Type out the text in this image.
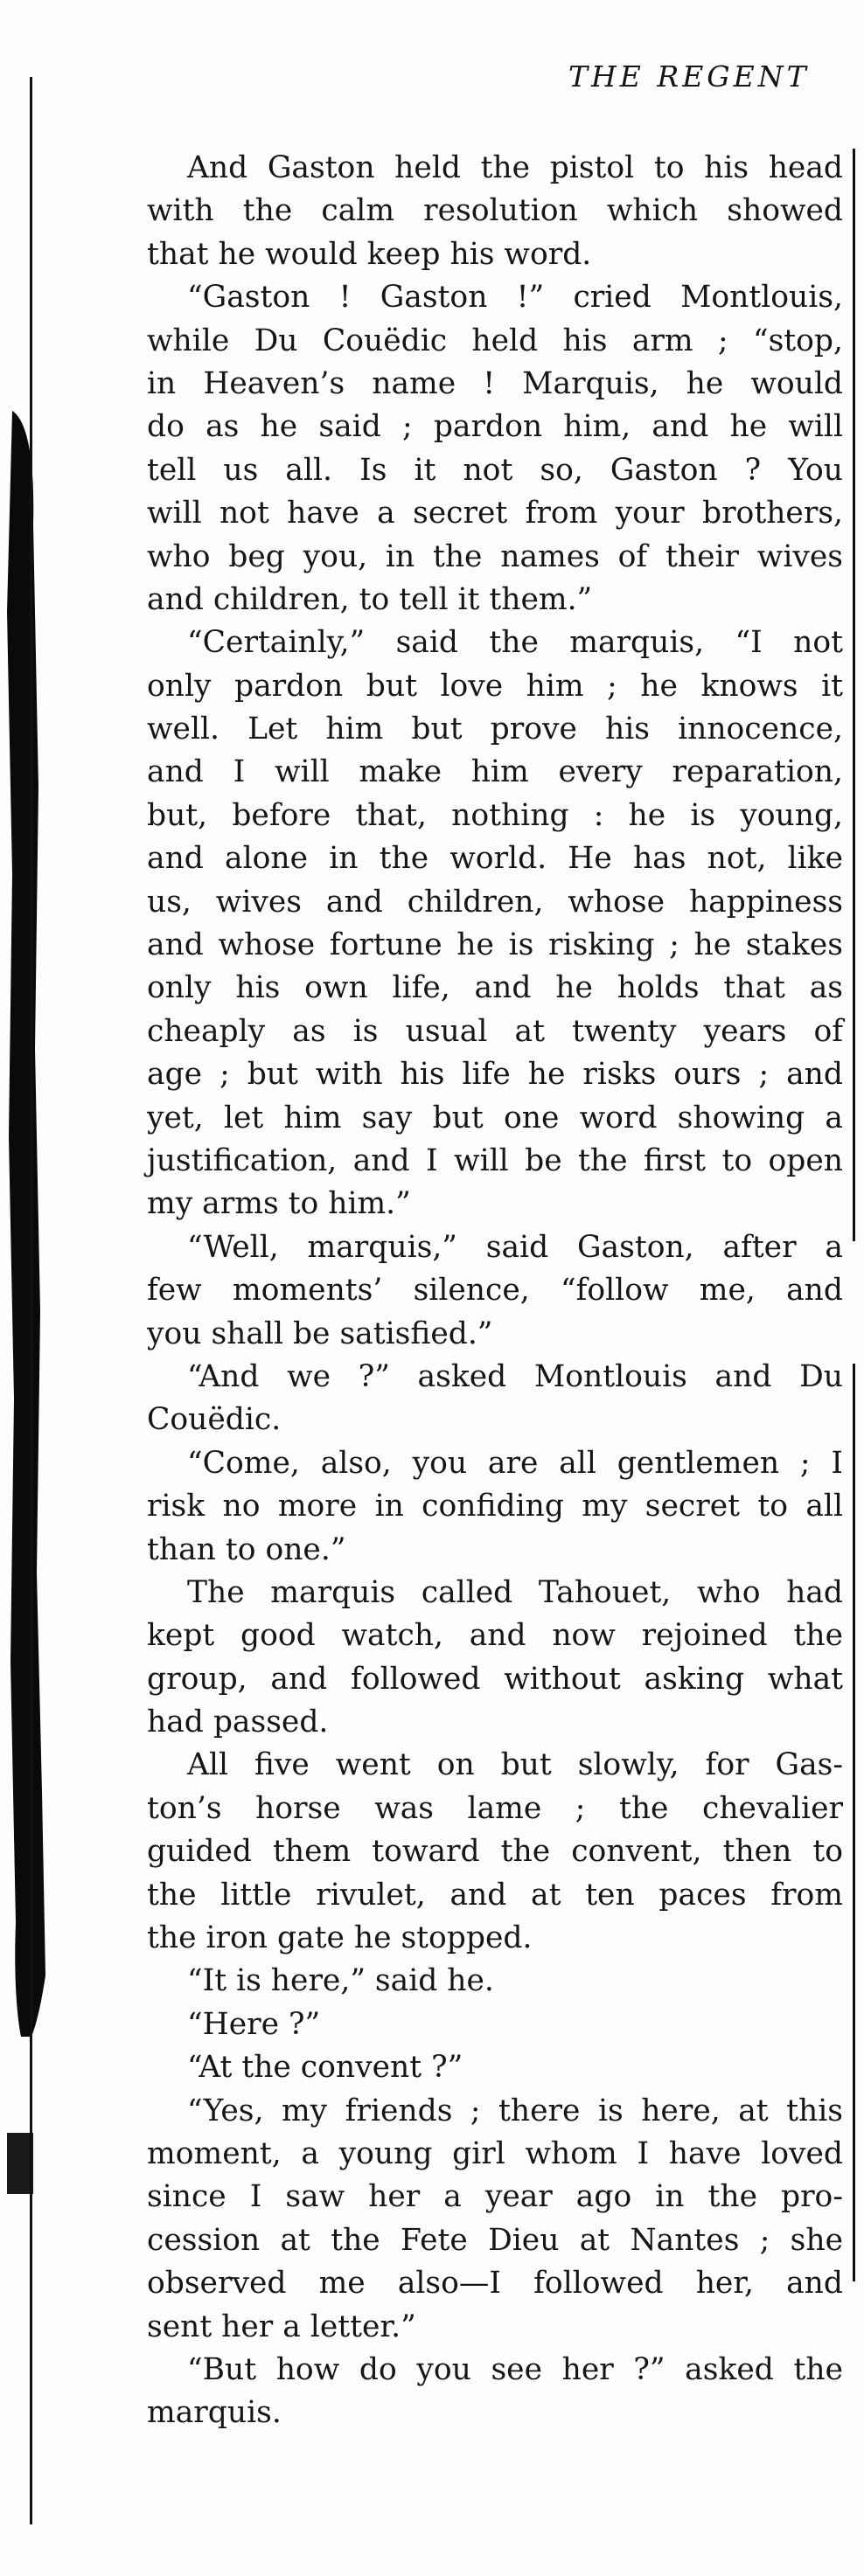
THE REGENT
And Gaston held the pistol to his head
with the calm resolution which showed
that he would keep his word.
“Gaston ! Gaston !” cried Montlouis,
while Du Couëdic held his arm ; “stop,
in Heaven’s name ! Marquis, he would
do as he said ; pardon him, and he will
tell us all. Is it not so, Gaston ? You
will not have a secret from your brothers,
who beg you, in the names of their wives
and children, to tell it them.”
“Certainly,” said the marquis, “I not
only pardon but love him ; he knows it
well. Let him but prove his innocence,
and I will make him every reparation,
but, before that, nothing : he is young,
and alone in the world. He has not, like
us, wives and children, whose happiness
and whose fortune he is risking ; he stakes
only his own life, and he holds that as
cheaply as is usual at twenty years of
age ; but with his life he risks ours ; and
yet, let him say but one word showing a
justification, and I will be the first to open
my arms to him.”
“Well, marquis,” said Gaston, after a
few moments’ silence, “follow me, and
you shall be satisfied.”
“And we ?” asked Montlouis and Du
Couëdic.
“Come, also, you are all gentlemen ; I
risk no more in confiding my secret to all
than to one.”
The marquis called Tahouet, who had
kept good watch, and now rejoined the
group, and followed without asking what
had passed.
All five went on but slowly, for Gas-
ton’s horse was lame ; the chevalier
guided them toward the convent, then to
the little rivulet, and at ten paces from
the iron gate he stopped.
“It is here,” said he.
“Here ?”
“At the convent ?”
“Yes, my friends ; there is here, at this
moment, a young girl whom I have loved
since I saw her a year ago in the pro-
cession at the Fete Dieu at Nantes ; she
observed me also—I followed her, and
sent her a letter.”
“But how do you see her ?” asked the
marquis.
